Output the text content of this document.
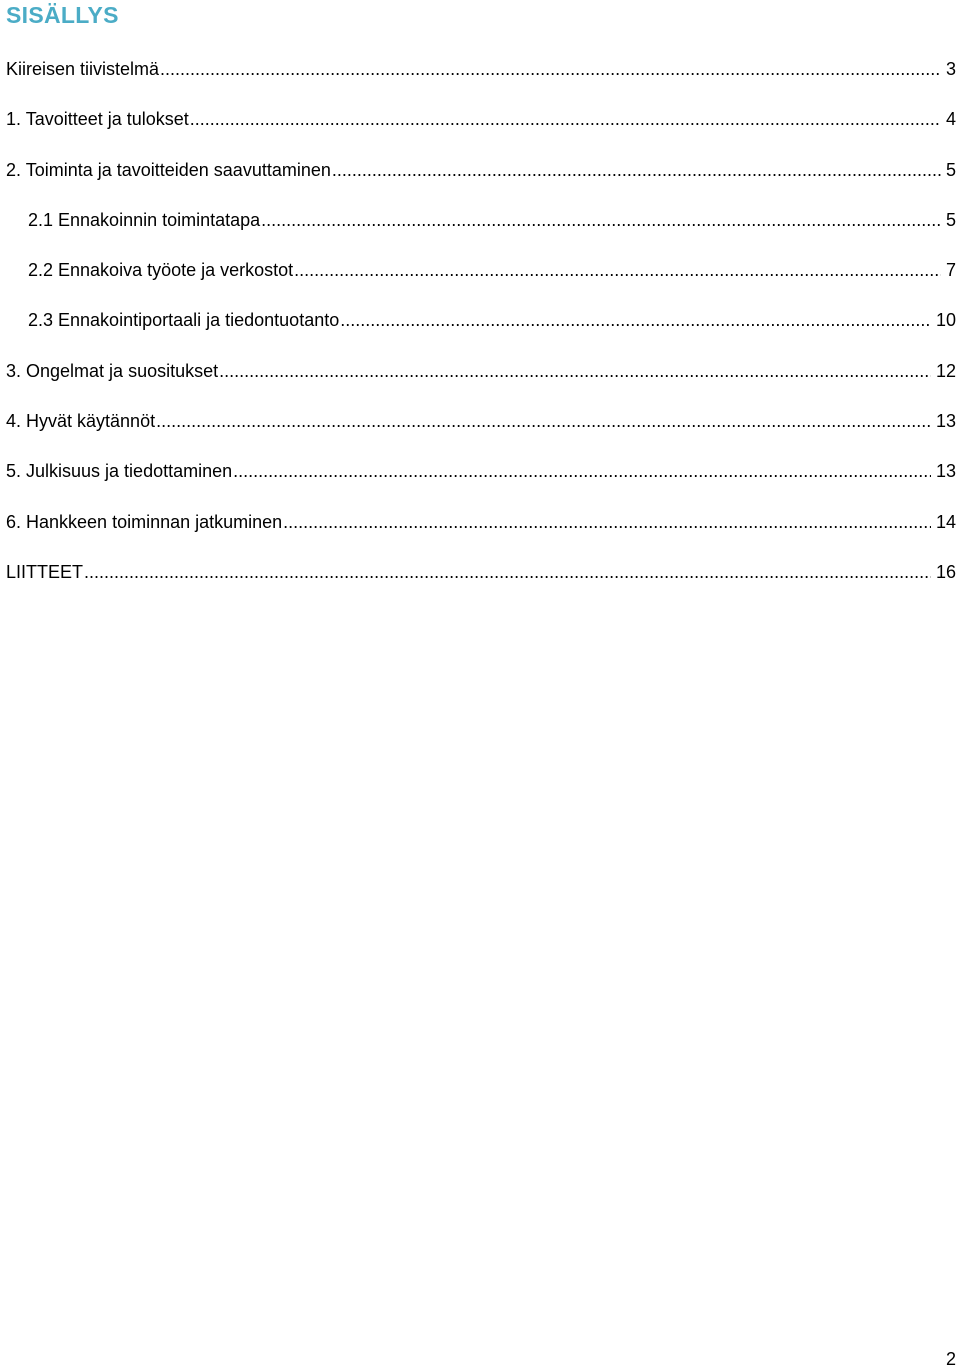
SISÄLLYS
Kiireisen tiivistelmä .....	3
1. Tavoitteet ja tulokset .....	4
2. Toiminta ja tavoitteiden saavuttaminen .....	5
2.1 Ennakoinnin toimintatapa .....	5
2.2 Ennakoiva työote ja verkostot .....	7
2.3 Ennakointiportaali ja tiedontuotanto .....	10
3. Ongelmat ja suositukset .....	12
4. Hyvät käytännöt .....	13
5. Julkisuus ja tiedottaminen .....	13
6. Hankkeen toiminnan jatkuminen .....	14
LIITTEET .....	16
2
